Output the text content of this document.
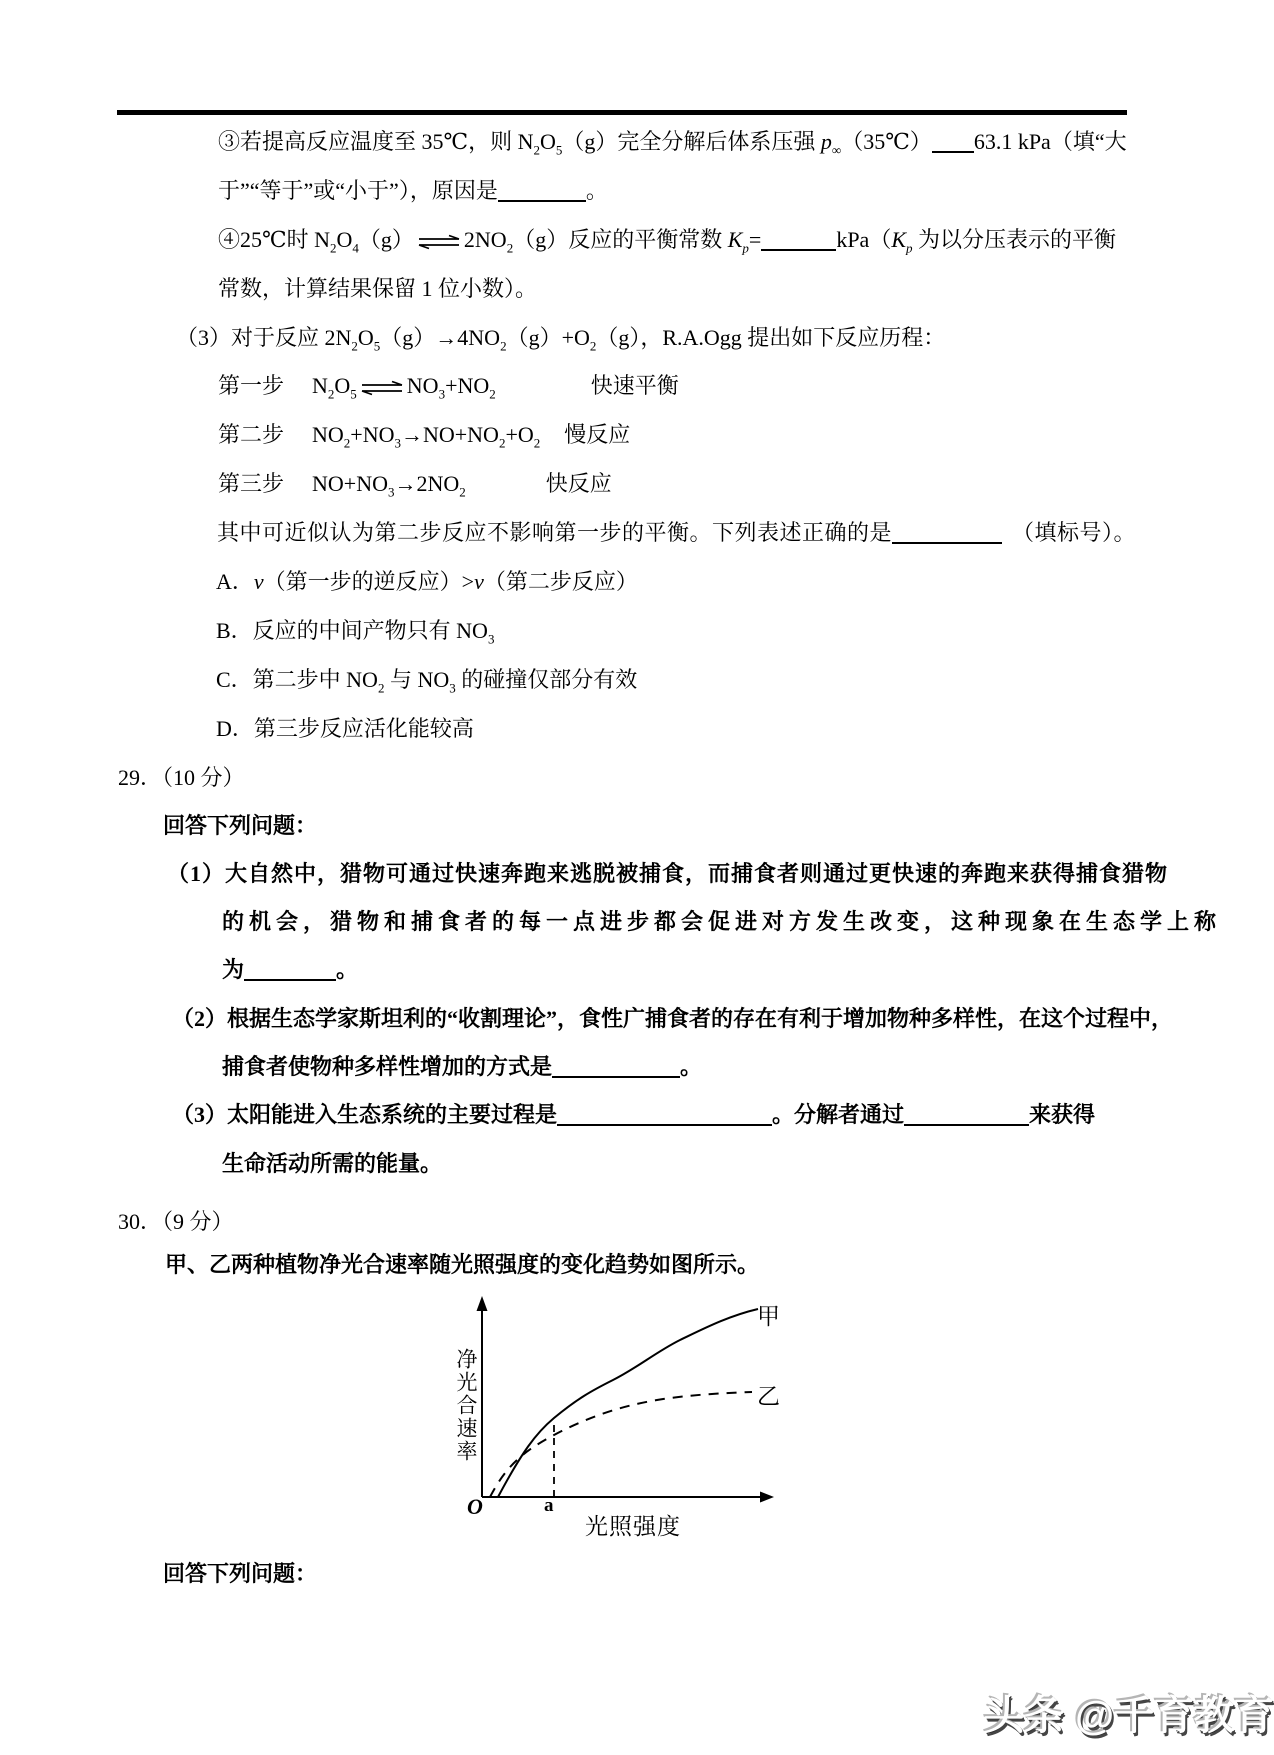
③若提高反应温度至 35℃，则 $N_2O_5(g)$完全分解后体系压强 $p_\infty(35℃)$ 63.1 kPa（填“大
于”“等于”或“小于”），原因是	。
④25℃时 $N_2O_4(g)$ ⇌ $2NO_2(g)$反应的平衡常数 $K_p=$	$kPa(K_p$ 为以分压表示的平衡
常数，计算结果保留 1 位小数）。
（3）对于反应 $2N_2O_5(g)\to 4NO_2(g)+O_2(g)$，R.A.Ogg 提出如下反应历程：
第一步 $N_2O_5$ ⇌ $NO_3+NO_2$	快速平衡
第二步 $NO_2+NO_3\to NO+NO_2+O_2$ 慢反应
第三步 $NO+NO_3\to 2NO_2$	快反应
其中可近似认为第二步反应不影响第一步的平衡。下列表述正确的是	（填标号）。
A．v（第一步的逆反应）>v（第二步反应）
B．反应的中间产物只有 $NO_3$
C．第二步中 $NO_2$ 与 $NO_3$ 的碰撞仅部分有效
D．第三步反应活化能较高
29．（10 分）
回答下列问题：
（1）大自然中，猎物可通过快速奔跑来逃脱被捕食，而捕食者则通过更快速的奔跑来获得捕食猎物
的机会，猎物和捕食者的每一点进步都会促进对方发生改变，这种现象在生态学上称
为	。
（2）根据生态学家斯坦利的“收割理论”，食性广捕食者的存在有利于增加物种多样性，在这个过程中，
捕食者使物种多样性增加的方式是	。
（3）太阳能进入生态系统的主要过程是	。分解者通过	来获得
生命活动所需的能量。
30．（9 分）
甲、乙两种植物净光合速率随光照强度的变化趋势如图所示。
回答下列问题：
净光合速率
光照强度
O	a
甲
乙
头条 @千育教育
